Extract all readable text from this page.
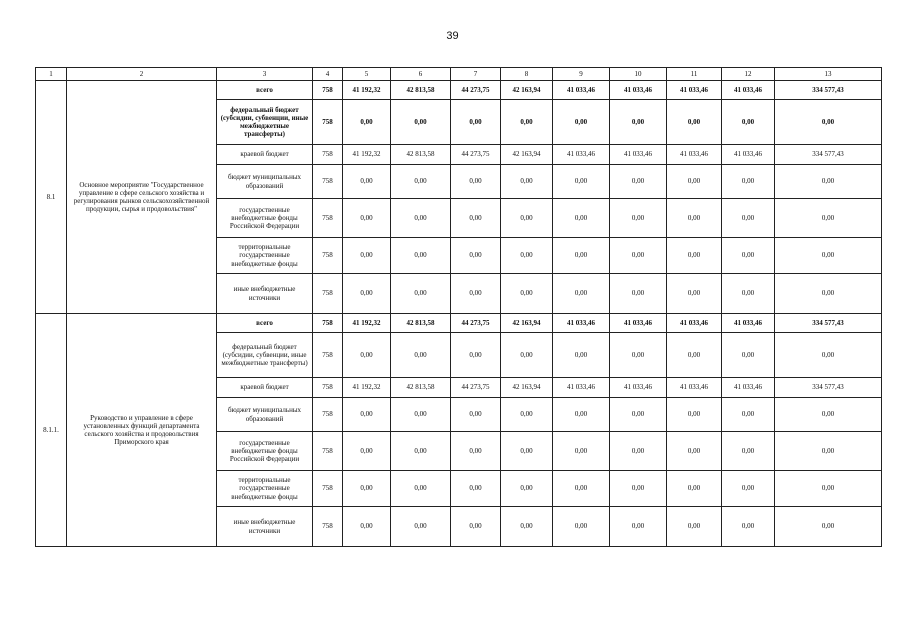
39
1	2	3	4	5	6	7	8	9	10	11	12	13
8.1	Основное мероприятие "Государственное управление в сфере сельского хозяйства и регулирования рынков сельскохозяйственной продукции, сырья и продовольствия"	всего	758	41 192,32	42 813,58	44 273,75	42 163,94	41 033,46	41 033,46	41 033,46	41 033,46	334 577,43
		федеральный бюджет (субсидии, субвенции, иные межбюджетные трансферты)	758	0,00	0,00	0,00	0,00	0,00	0,00	0,00	0,00	0,00
		краевой бюджет	758	41 192,32	42 813,58	44 273,75	42 163,94	41 033,46	41 033,46	41 033,46	41 033,46	334 577,43
		бюджет муниципальных образований	758	0,00	0,00	0,00	0,00	0,00	0,00	0,00	0,00	0,00
		государственные внебюджетные фонды Российской Федерации	758	0,00	0,00	0,00	0,00	0,00	0,00	0,00	0,00	0,00
		территориальные государственные внебюджетные фонды	758	0,00	0,00	0,00	0,00	0,00	0,00	0,00	0,00	0,00
		иные внебюджетные источники	758	0,00	0,00	0,00	0,00	0,00	0,00	0,00	0,00	0,00
8.1.1.	Руководство и управление в сфере установленных функций департамента сельского хозяйства и продовольствия Приморского края	всего	758	41 192,32	42 813,58	44 273,75	42 163,94	41 033,46	41 033,46	41 033,46	41 033,46	334 577,43
		федеральный бюджет (субсидии, субвенции, иные межбюджетные трансферты)	758	0,00	0,00	0,00	0,00	0,00	0,00	0,00	0,00	0,00
		краевой бюджет	758	41 192,32	42 813,58	44 273,75	42 163,94	41 033,46	41 033,46	41 033,46	41 033,46	334 577,43
		бюджет муниципальных образований	758	0,00	0,00	0,00	0,00	0,00	0,00	0,00	0,00	0,00
		государственные внебюджетные фонды Российской Федерации	758	0,00	0,00	0,00	0,00	0,00	0,00	0,00	0,00	0,00
		территориальные государственные внебюджетные фонды	758	0,00	0,00	0,00	0,00	0,00	0,00	0,00	0,00	0,00
		иные внебюджетные источники	758	0,00	0,00	0,00	0,00	0,00	0,00	0,00	0,00	0,00
